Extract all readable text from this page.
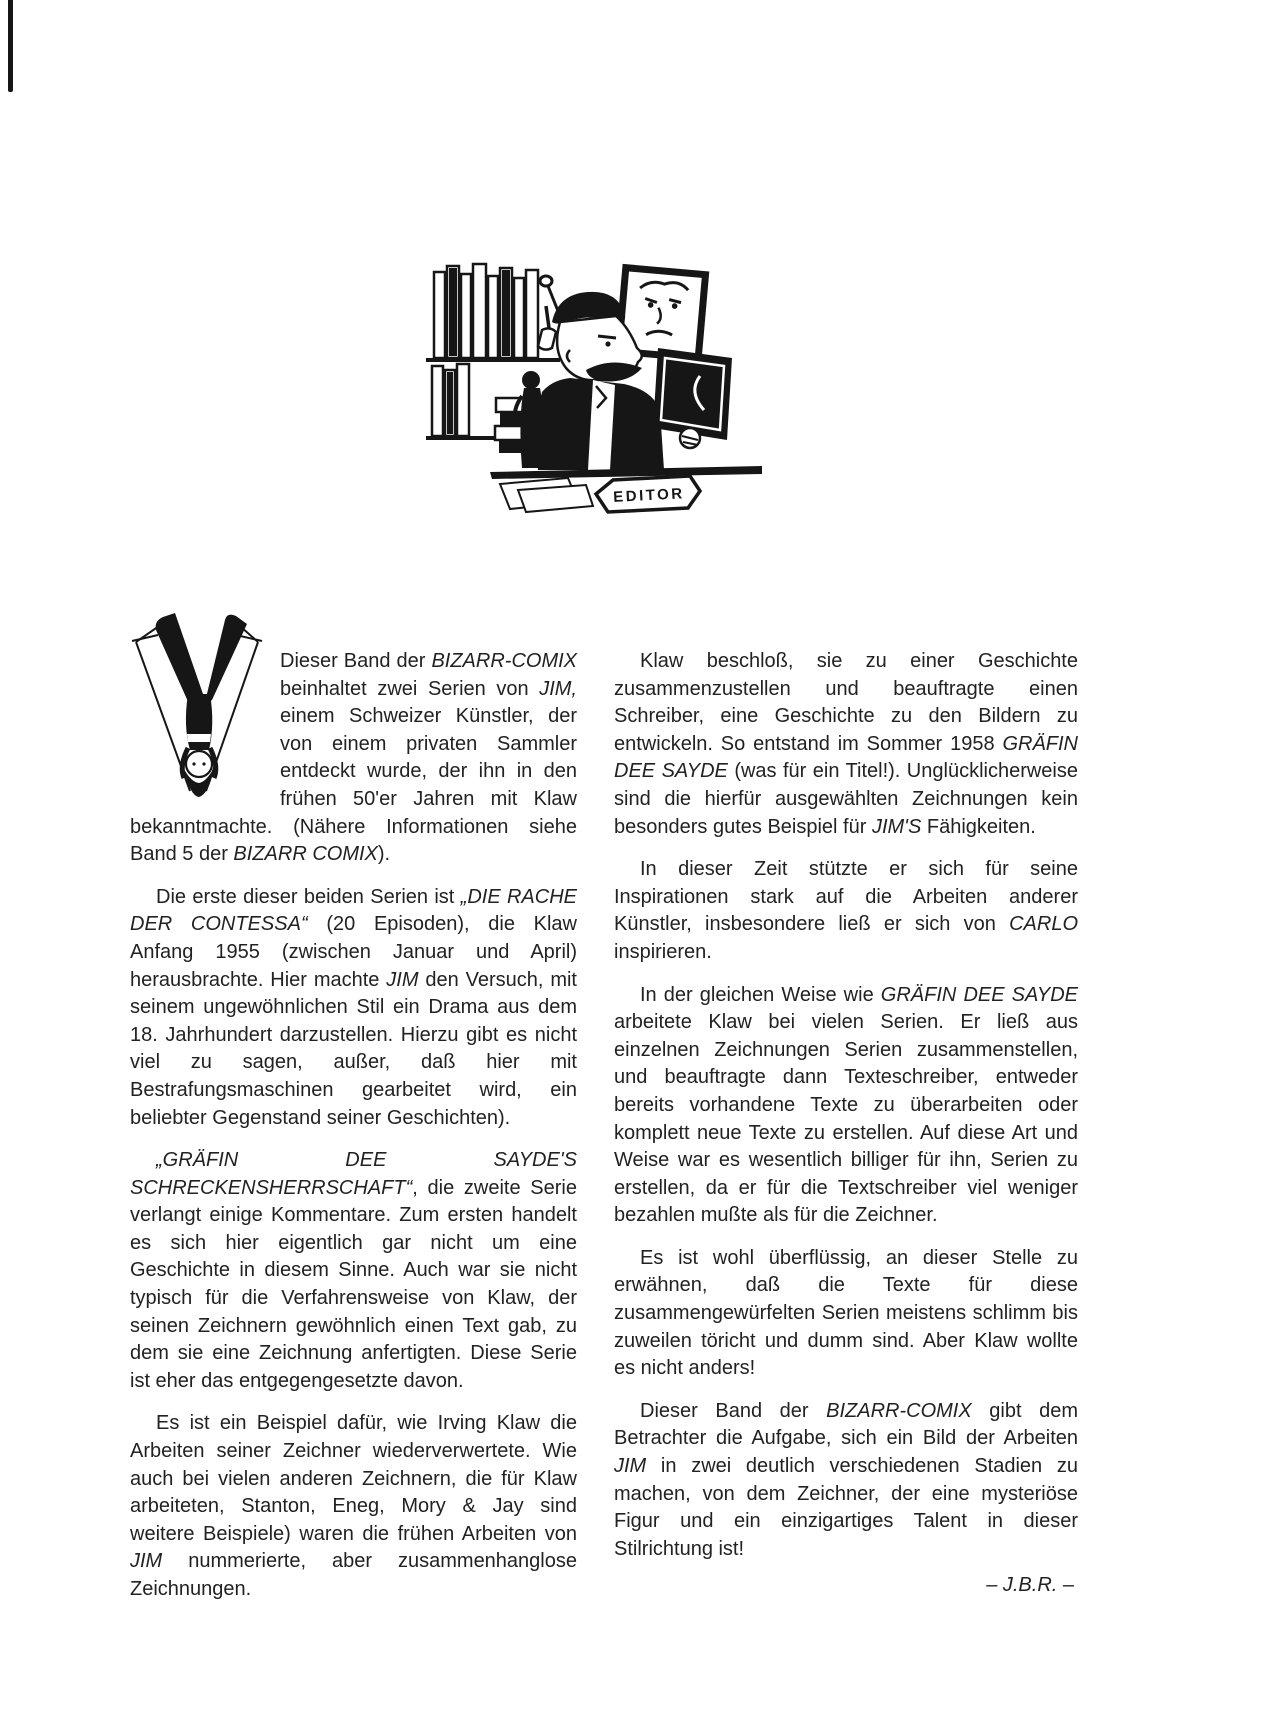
EDITOR

Dieser Band der BIZARR-COMIX beinhaltet zwei Serien von JIM, einem Schweizer Künstler, der von einem privaten Sammler entdeckt wurde, der ihn in den frühen 50'er Jahren mit Klaw bekanntmachte. (Nähere Informationen siehe Band 5 der BIZARR COMIX).

Die erste dieser beiden Serien ist „DIE RACHE DER CONTESSA“ (20 Episoden), die Klaw Anfang 1955 (zwischen Januar und April) herausbrachte. Hier machte JIM den Versuch, mit seinem ungewöhnlichen Stil ein Drama aus dem 18. Jahrhundert darzustellen. Hierzu gibt es nicht viel zu sagen, außer, daß hier mit Bestrafungsmaschinen gearbeitet wird, ein beliebter Gegenstand seiner Geschichten).

„GRÄFIN DEE SAYDE'S SCHRECKENSHERRSCHAFT“, die zweite Serie verlangt einige Kommentare. Zum ersten handelt es sich hier eigentlich gar nicht um eine Geschichte in diesem Sinne. Auch war sie nicht typisch für die Verfahrensweise von Klaw, der seinen Zeichnern gewöhnlich einen Text gab, zu dem sie eine Zeichnung anfertigten. Diese Serie ist eher das entgegengesetzte davon.

Es ist ein Beispiel dafür, wie Irving Klaw die Arbeiten seiner Zeichner wiederverwertete. Wie auch bei vielen anderen Zeichnern, die für Klaw arbeiteten, Stanton, Eneg, Mory & Jay sind weitere Beispiele) waren die frühen Arbeiten von JIM nummerierte, aber zusammenhanglose Zeichnungen.

Klaw beschloß, sie zu einer Geschichte zusammenzustellen und beauftragte einen Schreiber, eine Geschichte zu den Bildern zu entwickeln. So entstand im Sommer 1958 GRÄFIN DEE SAYDE (was für ein Titel!). Unglücklicherweise sind die hierfür ausgewählten Zeichnungen kein besonders gutes Beispiel für JIM'S Fähigkeiten.

In dieser Zeit stützte er sich für seine Inspirationen stark auf die Arbeiten anderer Künstler, insbesondere ließ er sich von CARLO inspirieren.

In der gleichen Weise wie GRÄFIN DEE SAYDE arbeitete Klaw bei vielen Serien. Er ließ aus einzelnen Zeichnungen Serien zusammenstellen, und beauftragte dann Texteschreiber, entweder bereits vorhandene Texte zu überarbeiten oder komplett neue Texte zu erstellen. Auf diese Art und Weise war es wesentlich billiger für ihn, Serien zu erstellen, da er für die Textschreiber viel weniger bezahlen mußte als für die Zeichner.

Es ist wohl überflüssig, an dieser Stelle zu erwähnen, daß die Texte für diese zusammengewürfelten Serien meistens schlimm bis zuweilen töricht und dumm sind. Aber Klaw wollte es nicht anders!

Dieser Band der BIZARR-COMIX gibt dem Betrachter die Aufgabe, sich ein Bild der Arbeiten JIM in zwei deutlich verschiedenen Stadien zu machen, von dem Zeichner, der eine mysteriöse Figur und ein einzigartiges Talent in dieser Stilrichtung ist!

– J.B.R. –
